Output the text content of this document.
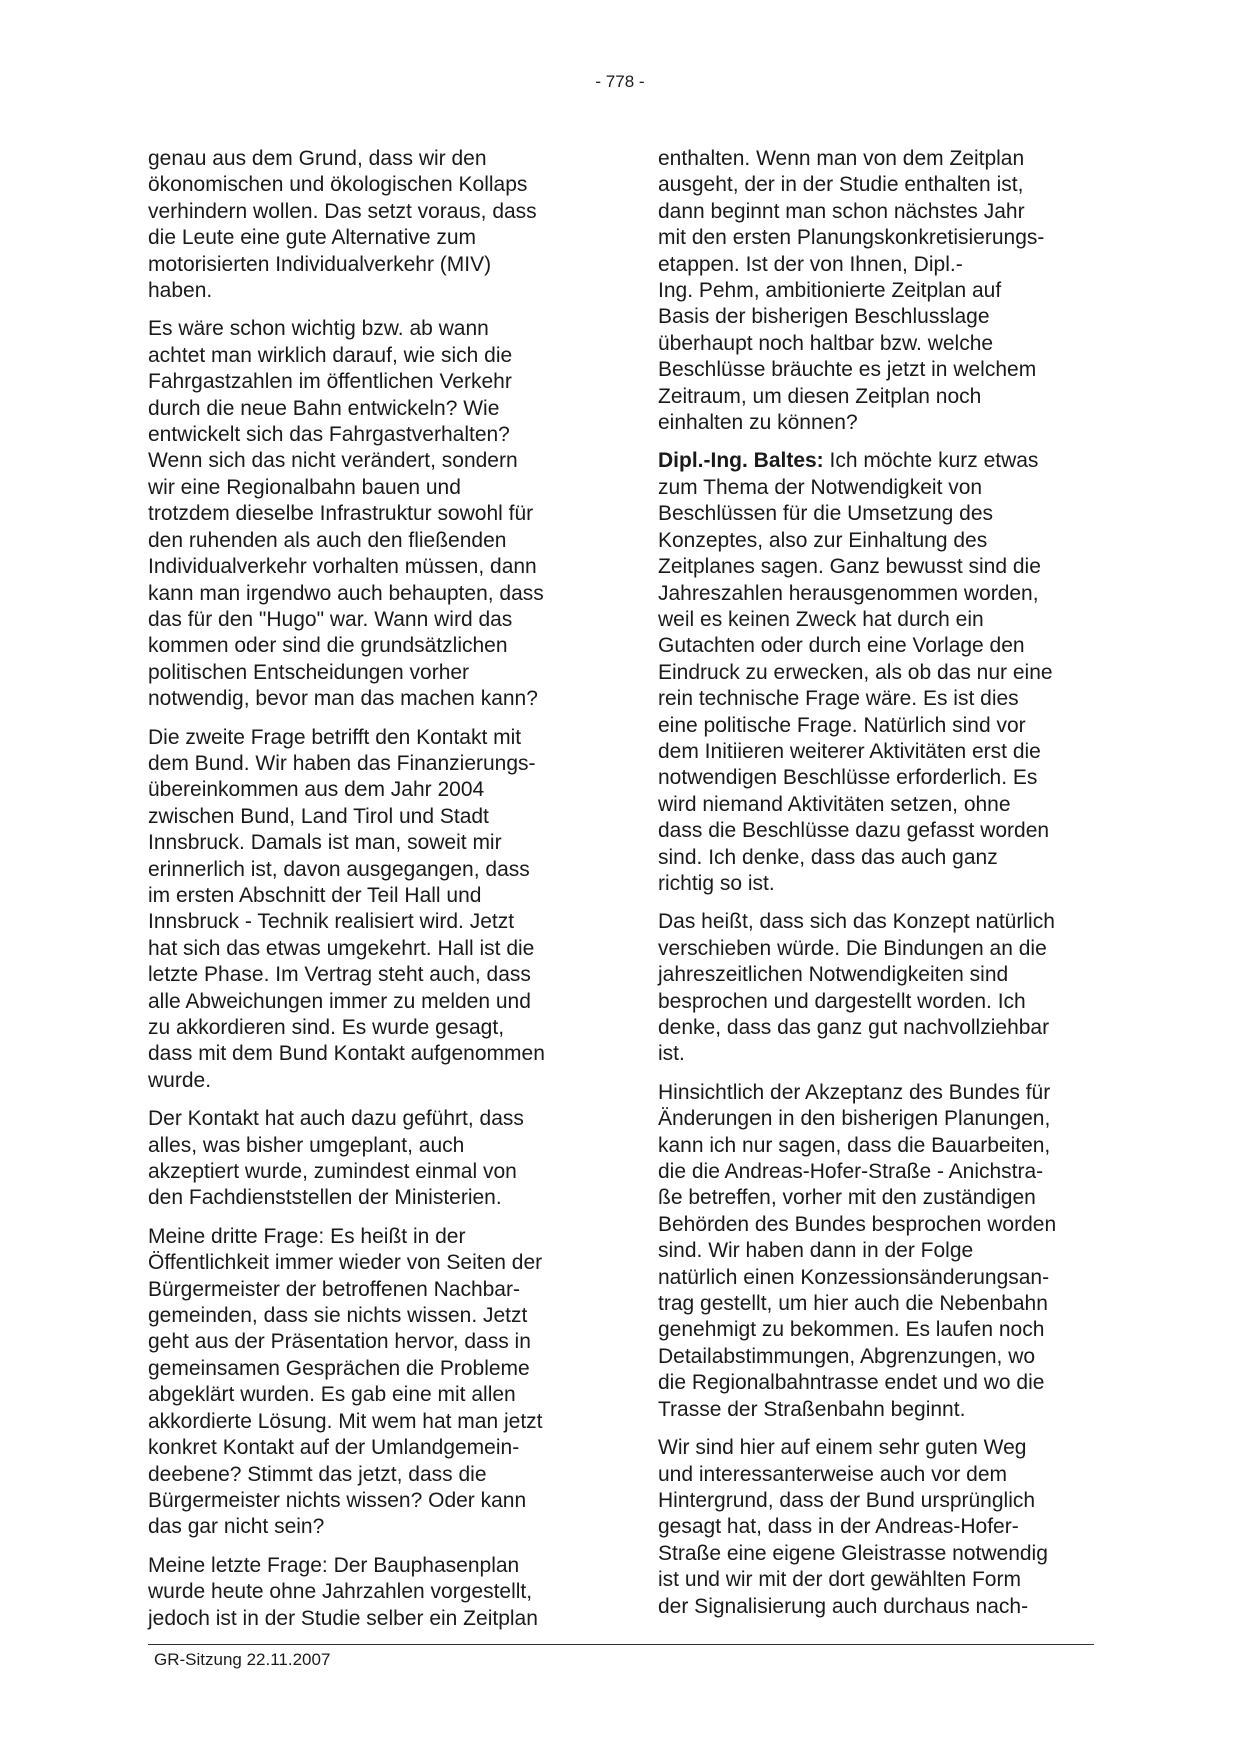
- 778 -

genau aus dem Grund, dass wir den
ökonomischen und ökologischen Kollaps
verhindern wollen. Das setzt voraus, dass
die Leute eine gute Alternative zum
motorisierten Individualverkehr (MIV)
haben.

Es wäre schon wichtig bzw. ab wann
achtet man wirklich darauf, wie sich die
Fahrgastzahlen im öffentlichen Verkehr
durch die neue Bahn entwickeln? Wie
entwickelt sich das Fahrgastverhalten?
Wenn sich das nicht verändert, sondern
wir eine Regionalbahn bauen und
trotzdem dieselbe Infrastruktur sowohl für
den ruhenden als auch den fließenden
Individualverkehr vorhalten müssen, dann
kann man irgendwo auch behaupten, dass
das für den "Hugo" war. Wann wird das
kommen oder sind die grundsätzlichen
politischen Entscheidungen vorher
notwendig, bevor man das machen kann?

Die zweite Frage betrifft den Kontakt mit
dem Bund. Wir haben das Finanzierungs-
übereinkommen aus dem Jahr 2004
zwischen Bund, Land Tirol und Stadt
Innsbruck. Damals ist man, soweit mir
erinnerlich ist, davon ausgegangen, dass
im ersten Abschnitt der Teil Hall und
Innsbruck - Technik realisiert wird. Jetzt
hat sich das etwas umgekehrt. Hall ist die
letzte Phase. Im Vertrag steht auch, dass
alle Abweichungen immer zu melden und
zu akkordieren sind. Es wurde gesagt,
dass mit dem Bund Kontakt aufgenommen
wurde.

Der Kontakt hat auch dazu geführt, dass
alles, was bisher umgeplant, auch
akzeptiert wurde, zumindest einmal von
den Fachdienststellen der Ministerien.

Meine dritte Frage: Es heißt in der
Öffentlichkeit immer wieder von Seiten der
Bürgermeister der betroffenen Nachbar-
gemeinden, dass sie nichts wissen. Jetzt
geht aus der Präsentation hervor, dass in
gemeinsamen Gesprächen die Probleme
abgeklärt wurden. Es gab eine mit allen
akkordierte Lösung. Mit wem hat man jetzt
konkret Kontakt auf der Umlandgemein-
deebene? Stimmt das jetzt, dass die
Bürgermeister nichts wissen? Oder kann
das gar nicht sein?

Meine letzte Frage: Der Bauphasenplan
wurde heute ohne Jahrzahlen vorgestellt,
jedoch ist in der Studie selber ein Zeitplan

enthalten. Wenn man von dem Zeitplan
ausgeht, der in der Studie enthalten ist,
dann beginnt man schon nächstes Jahr
mit den ersten Planungskonkretisierungs-
etappen. Ist der von Ihnen, Dipl.-
Ing. Pehm, ambitionierte Zeitplan auf
Basis der bisherigen Beschlusslage
überhaupt noch haltbar bzw. welche
Beschlüsse bräuchte es jetzt in welchem
Zeitraum, um diesen Zeitplan noch
einhalten zu können?

Dipl.-Ing. Baltes: Ich möchte kurz etwas
zum Thema der Notwendigkeit von
Beschlüssen für die Umsetzung des
Konzeptes, also zur Einhaltung des
Zeitplanes sagen. Ganz bewusst sind die
Jahreszahlen herausgenommen worden,
weil es keinen Zweck hat durch ein
Gutachten oder durch eine Vorlage den
Eindruck zu erwecken, als ob das nur eine
rein technische Frage wäre. Es ist dies
eine politische Frage. Natürlich sind vor
dem Initiieren weiterer Aktivitäten erst die
notwendigen Beschlüsse erforderlich. Es
wird niemand Aktivitäten setzen, ohne
dass die Beschlüsse dazu gefasst worden
sind. Ich denke, dass das auch ganz
richtig so ist.

Das heißt, dass sich das Konzept natürlich
verschieben würde. Die Bindungen an die
jahreszeitlichen Notwendigkeiten sind
besprochen und dargestellt worden. Ich
denke, dass das ganz gut nachvollziehbar
ist.

Hinsichtlich der Akzeptanz des Bundes für
Änderungen in den bisherigen Planungen,
kann ich nur sagen, dass die Bauarbeiten,
die die Andreas-Hofer-Straße - Anichstra-
ße betreffen, vorher mit den zuständigen
Behörden des Bundes besprochen worden
sind. Wir haben dann in der Folge
natürlich einen Konzessionsänderungsan-
trag gestellt, um hier auch die Nebenbahn
genehmigt zu bekommen. Es laufen noch
Detailabstimmungen, Abgrenzungen, wo
die Regionalbahntrasse endet und wo die
Trasse der Straßenbahn beginnt.

Wir sind hier auf einem sehr guten Weg
und interessanterweise auch vor dem
Hintergrund, dass der Bund ursprünglich
gesagt hat, dass in der Andreas-Hofer-
Straße eine eigene Gleistrasse notwendig
ist und wir mit der dort gewählten Form
der Signalisierung auch durchaus nach-

GR-Sitzung 22.11.2007
